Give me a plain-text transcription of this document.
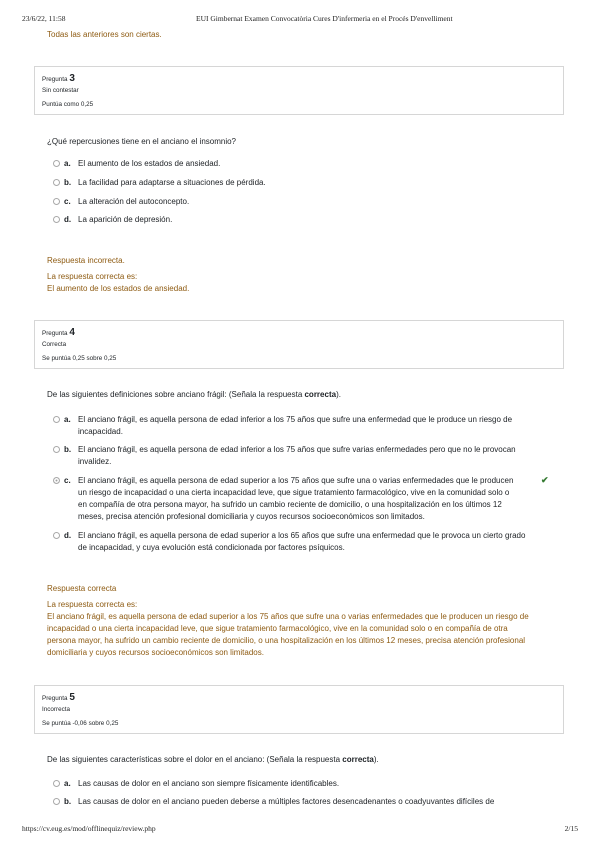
23/6/22, 11:58	EUI Gimbernat Examen Convocatòria Cures D'infermeria en el Procés D'envelliment
Todas las anteriores son ciertas.
Pregunta 3
Sin contestar
Puntúa como 0,25
¿Qué repercusiones tiene en el anciano el insomnio?
a. El aumento de los estados de ansiedad.
b. La facilidad para adaptarse a situaciones de pérdida.
c. La alteración del autoconcepto.
d. La aparición de depresión.
Respuesta incorrecta.
La respuesta correcta es:
El aumento de los estados de ansiedad.
Pregunta 4
Correcta
Se puntúa 0,25 sobre 0,25
De las siguientes definiciones sobre anciano frágil: (Señala la respuesta correcta).
a. El anciano frágil, es aquella persona de edad inferior a los 75 años que sufre una enfermedad que le produce un riesgo de
incapacidad.
b. El anciano frágil, es aquella persona de edad inferior a los 75 años que sufre varias enfermedades pero que no le provocan
invalidez.
c. El anciano frágil, es aquella persona de edad superior a los 75 años que sufre una o varias enfermedades que le producen
un riesgo de incapacidad o una cierta incapacidad leve, que sigue tratamiento farmacológico, vive en la comunidad solo o
en compañía de otra persona mayor, ha sufrido un cambio reciente de domicilio, o una hospitalización en los últimos 12
meses, precisa atención profesional domiciliaria y cuyos recursos socioeconómicos son limitados.
✔
d. El anciano frágil, es aquella persona de edad superior a los 65 años que sufre una enfermedad que le provoca un cierto grado
de incapacidad, y cuya evolución está condicionada por factores psíquicos.
Respuesta correcta
La respuesta correcta es:
El anciano frágil, es aquella persona de edad superior a los 75 años que sufre una o varias enfermedades que le producen un riesgo de
incapacidad o una cierta incapacidad leve, que sigue tratamiento farmacológico, vive en la comunidad solo o en compañía de otra
persona mayor, ha sufrido un cambio reciente de domicilio, o una hospitalización en los últimos 12 meses, precisa atención profesional
domiciliaria y cuyos recursos socioeconómicos son limitados.
Pregunta 5
Incorrecta
Se puntúa -0,06 sobre 0,25
De las siguientes características sobre el dolor en el anciano: (Señala la respuesta correcta).
a. Las causas de dolor en el anciano son siempre físicamente identificables.
b. Las causas de dolor en el anciano pueden deberse a múltiples factores desencadenantes o coadyuvantes difíciles de
https://cv.eug.es/mod/offlinequiz/review.php	2/15
